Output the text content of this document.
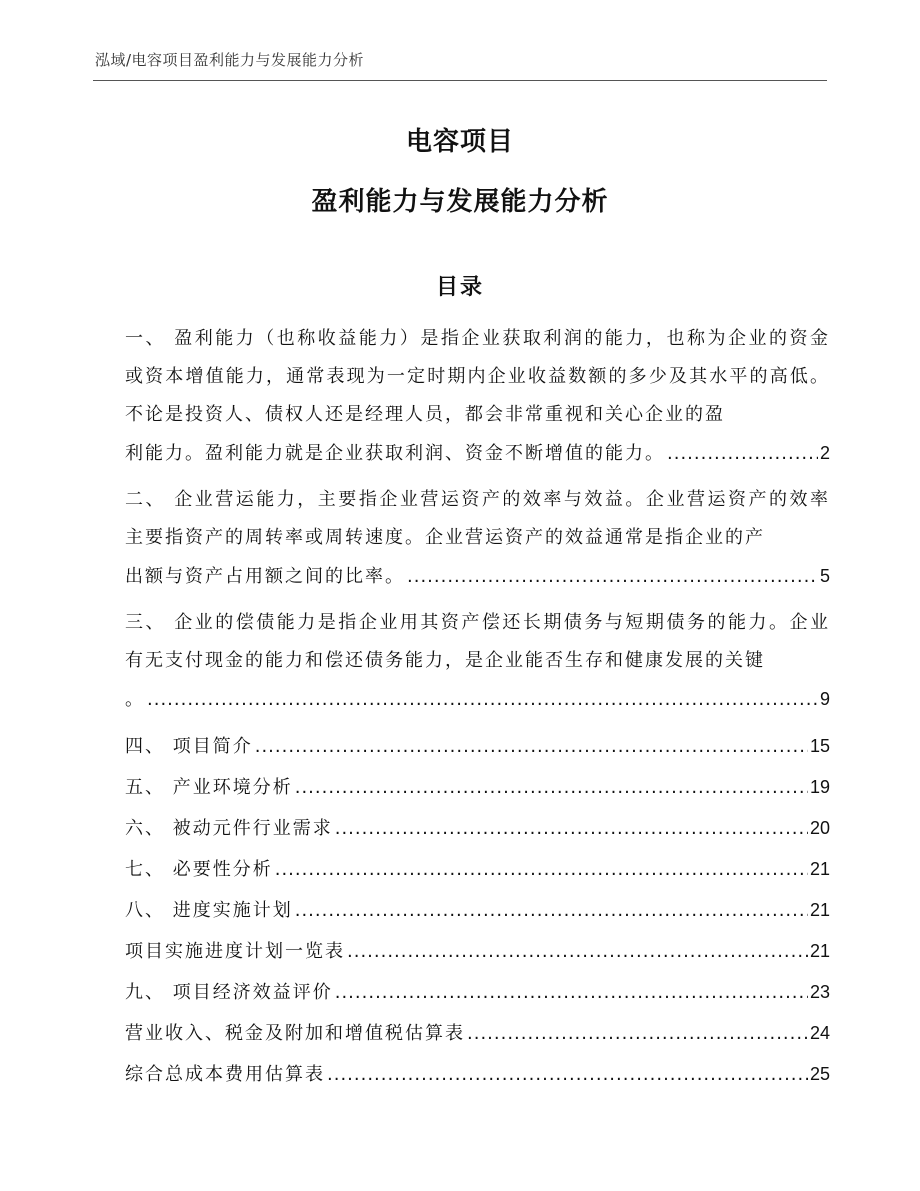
泓域/电容项目盈利能力与发展能力分析
电容项目
盈利能力与发展能力分析
目录
一、 盈利能力（也称收益能力）是指企业获取利润的能力，也称为企业的资金或资本增值能力，通常表现为一定时期内企业收益数额的多少及其水平的高低。不论是投资人、债权人还是经理人员，都会非常重视和关心企业的盈
利能力。盈利能力就是企业获取利润、资金不断增值的能力。 .....	2
二、 企业营运能力，主要指企业营运资产的效率与效益。企业营运资产的效率主要指资产的周转率或周转速度。企业营运资产的效益通常是指企业的产
出额与资产占用额之间的比率。 .....	5
三、 企业的偿债能力是指企业用其资产偿还长期债务与短期债务的能力。企业有无支付现金的能力和偿还债务能力，是企业能否生存和健康发展的关键
。 .....	9
四、 项目简介 .....	15
五、 产业环境分析 .....	19
六、 被动元件行业需求 .....	20
七、 必要性分析 .....	21
八、 进度实施计划 .....	21
项目实施进度计划一览表 .....	21
九、 项目经济效益评价 .....	23
营业收入、税金及附加和增值税估算表 .....	24
综合总成本费用估算表 .....	25
